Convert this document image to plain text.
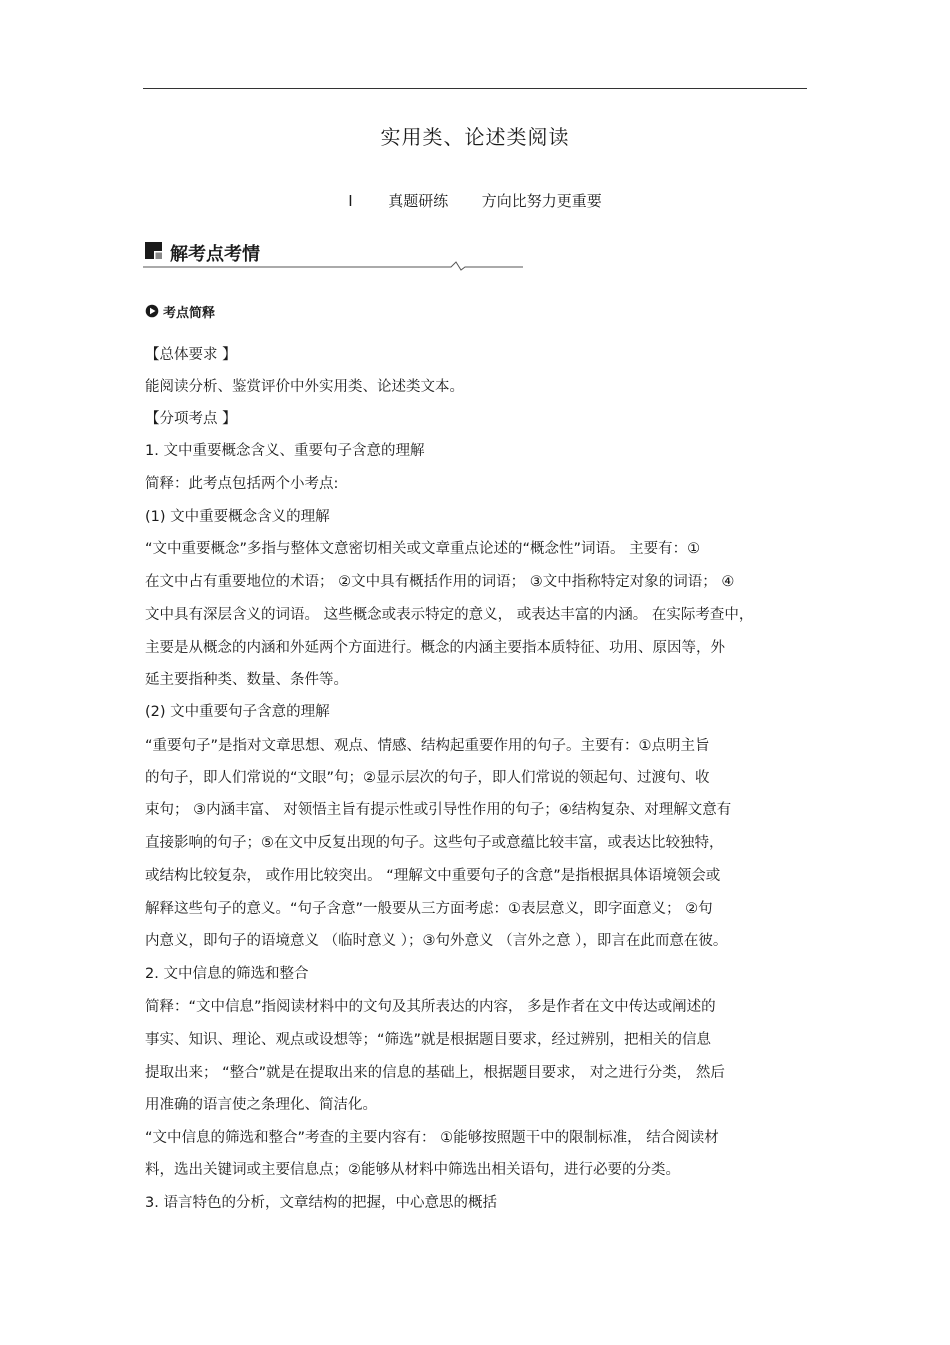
实用类、论述类阅读
Ⅰ 真题研练 方向比努力更重要
解考点考情
考点简释
【总体要求 】
能阅读分析、鉴赏评价中外实用类、论述类文本。
【分项考点 】
1. 文中重要概念含义、重要句子含意的理解
简释：此考点包括两个小考点:
(1) 文中重要概念含义的理解
“文中重要概念”多指与整体文意密切相关或文章重点论述的“概念性”词语。 主要有：①
在文中占有重要地位的术语； ②文中具有概括作用的词语； ③文中指称特定对象的词语； ④
文中具有深层含义的词语。 这些概念或表示特定的意义， 或表达丰富的内涵。 在实际考查中，
主要是从概念的内涵和外延两个方面进行。概念的内涵主要指本质特征、功用、原因等，外
延主要指种类、数量、条件等。
(2) 文中重要句子含意的理解
“重要句子”是指对文章思想、观点、情感、结构起重要作用的句子。主要有：①点明主旨
的句子，即人们常说的“文眼”句；②显示层次的句子，即人们常说的领起句、过渡句、收
束句； ③内涵丰富、 对领悟主旨有提示性或引导性作用的句子；④结构复杂、对理解文意有
直接影响的句子；⑤在文中反复出现的句子。这些句子或意蕴比较丰富，或表达比较独特，
或结构比较复杂， 或作用比较突出。 “理解文中重要句子的含意”是指根据具体语境领会或
解释这些句子的意义。“句子含意”一般要从三方面考虑：①表层意义，即字面意义； ②句
内意义，即句子的语境意义 （临时意义 ）；③句外意义 （言外之意 ），即言在此而意在彼。
2. 文中信息的筛选和整合
简释：“文中信息”指阅读材料中的文句及其所表达的内容， 多是作者在文中传达或阐述的
事实、知识、理论、观点或设想等；“筛选”就是根据题目要求，经过辨别，把相关的信息
提取出来； “整合”就是在提取出来的信息的基础上，根据题目要求， 对之进行分类， 然后
用准确的语言使之条理化、简洁化。
“文中信息的筛选和整合”考查的主要内容有： ①能够按照题干中的限制标准， 结合阅读材
料，选出关键词或主要信息点；②能够从材料中筛选出相关语句，进行必要的分类。
3. 语言特色的分析，文章结构的把握，中心意思的概括
